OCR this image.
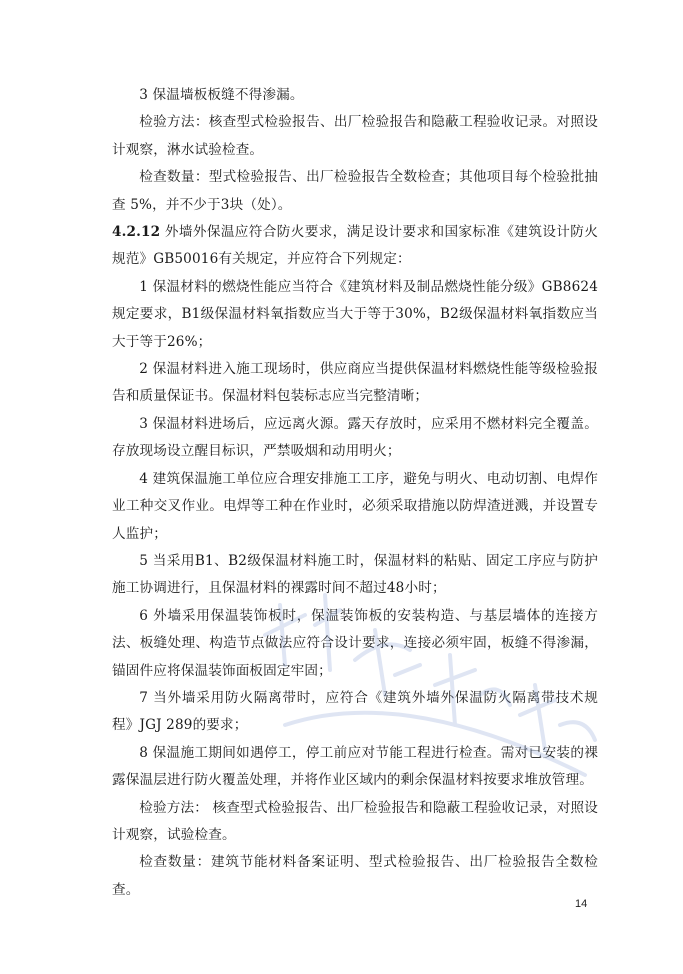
3 保温墙板板缝不得渗漏。

检验方法：核查型式检验报告、出厂检验报告和隐蔽工程验收记录。对照设计观察，淋水试验检查。

检查数量：型式检验报告、出厂检验报告全数检查；其他项目每个检验批抽查 5%，并不少于3块（处）。

4.2.12 外墙外保温应符合防火要求，满足设计要求和国家标准《建筑设计防火规范》GB50016有关规定，并应符合下列规定：

1 保温材料的燃烧性能应当符合《建筑材料及制品燃烧性能分级》GB8624规定要求，B1级保温材料氧指数应当大于等于30%，B2级保温材料氧指数应当大于等于26%；

2 保温材料进入施工现场时，供应商应当提供保温材料燃烧性能等级检验报告和质量保证书。保温材料包装标志应当完整清晰；

3 保温材料进场后，应远离火源。露天存放时，应采用不燃材料完全覆盖。存放现场设立醒目标识，严禁吸烟和动用明火；

4 建筑保温施工单位应合理安排施工工序，避免与明火、电动切割、电焊作业工种交叉作业。电焊等工种在作业时，必须采取措施以防焊渣迸溅，并设置专人监护；

5 当采用B1、B2级保温材料施工时，保温材料的粘贴、固定工序应与防护施工协调进行，且保温材料的裸露时间不超过48小时；

6 外墙采用保温装饰板时，保温装饰板的安装构造、与基层墙体的连接方法、板缝处理、构造节点做法应符合设计要求，连接必须牢固，板缝不得渗漏，锚固件应将保温装饰面板固定牢固；

7 当外墙采用防火隔离带时，应符合《建筑外墙外保温防火隔离带技术规程》JGJ 289的要求；

8 保温施工期间如遇停工，停工前应对节能工程进行检查。需对已安装的裸露保温层进行防火覆盖处理，并将作业区域内的剩余保温材料按要求堆放管理。

检验方法： 核查型式检验报告、出厂检验报告和隐蔽工程验收记录，对照设计观察，试验检查。

检查数量：建筑节能材料备案证明、型式检验报告、出厂检验报告全数检查。

14
